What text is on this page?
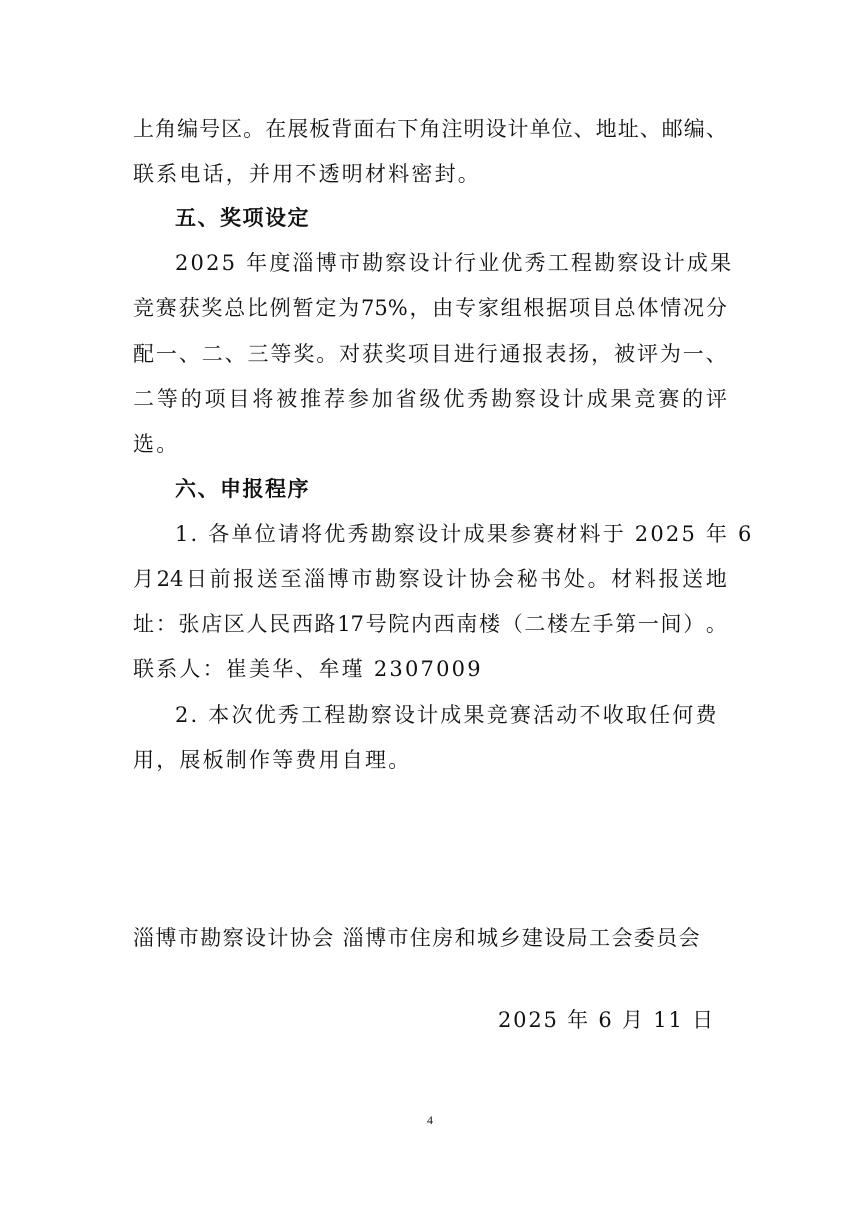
上 角 编 号 区 。 在 展 板 背 面 右 下 角 注 明 设 计 单 位 、 地 址 、 邮 编 、
联系电话，并用不透明材料密封。
五、奖项设定
2025 年度淄博市勘察设计行业优秀工程勘察设计成果
竞 赛 获 奖 总 比 例 暂 定 为 75% ， 由 专 家 组 根 据 项 目 总 体 情 况 分
配 一 、 二 、 三 等 奖 。 对 获 奖 项 目 进 行 通 报 表 扬 ， 被 评 为 一 、
二 等 的 项 目 将 被 推 荐 参 加 省 级 优 秀 勘 察 设 计 成 果 竞 赛 的 评
选。
六、申报程序
1. 各单位请将优秀勘察设计成果参赛材料于 2025 年 6
月 24 日 前 报 送 至 淄 博 市 勘 察 设 计 协 会 秘 书 处 。 材 料 报 送 地
址 ： 张 店 区 人 民 西 路 17 号 院 内 西 南 楼 （ 二 楼 左 手 第 一 间 ） 。
联系人：崔美华、牟瑾 2307009
2. 本次优秀工程勘察设计成果竞赛活动不收取任何费
用，展板制作等费用自理。
淄博市勘察设计协会 淄博市住房和城乡建设局工会委员会
2025 年 6 月 11 日
4
